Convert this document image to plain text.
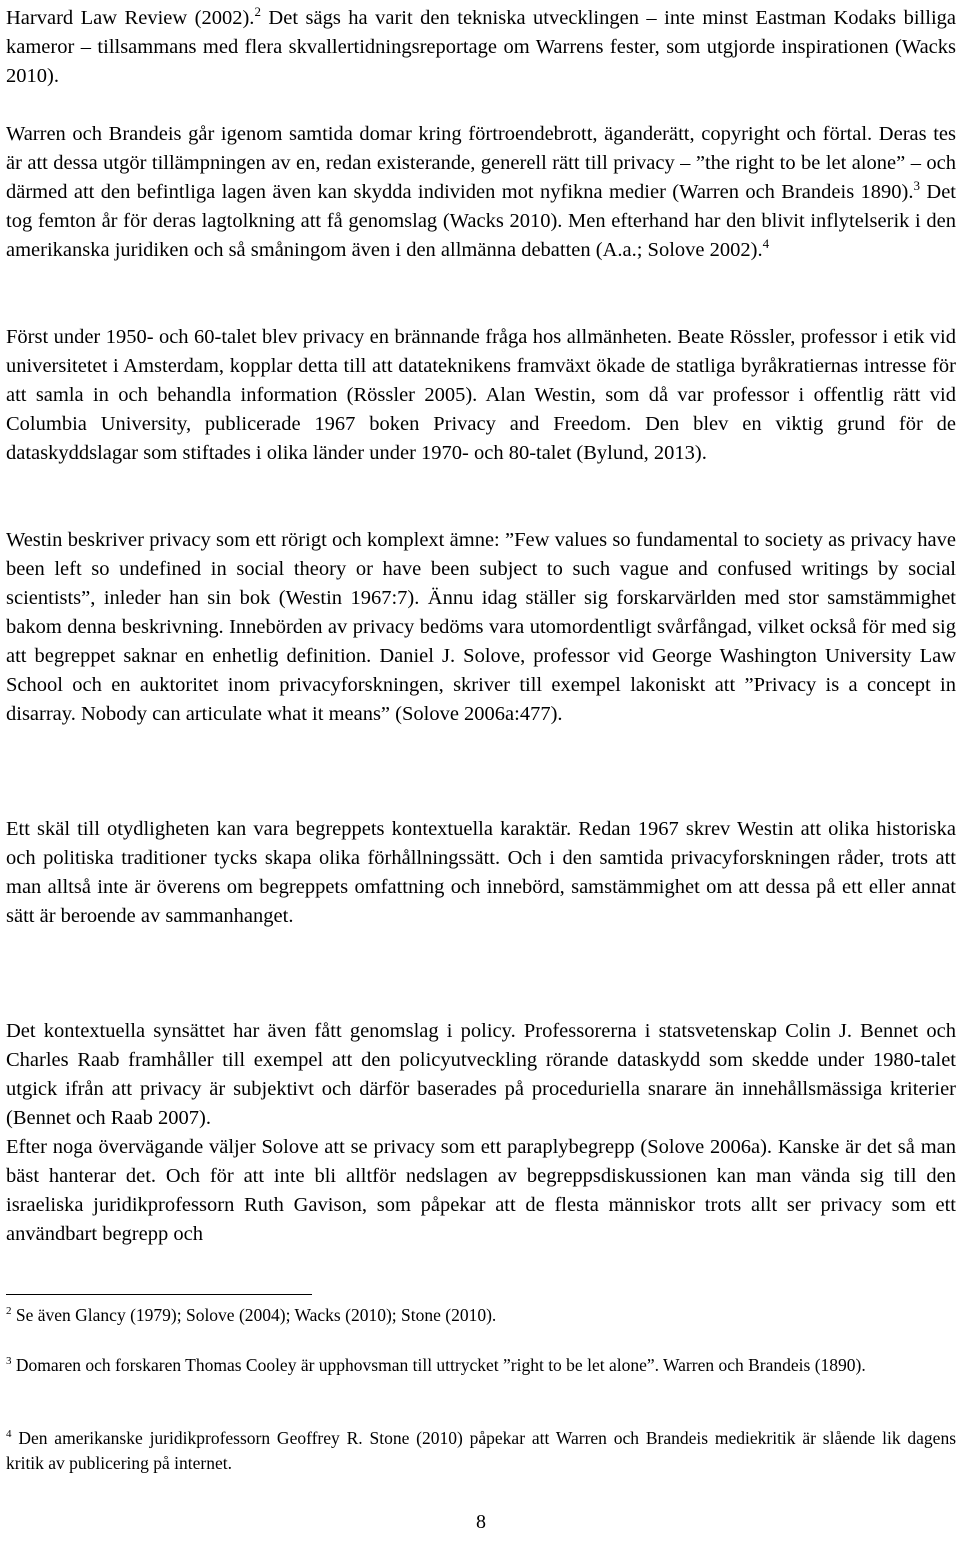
Harvard Law Review (2002).$^2$ Det sägs ha varit den tekniska utvecklingen – inte minst Eastman Kodaks billiga kameror – tillsammans med flera skvallertidningsreportage om Warrens fester, som utgjorde inspirationen (Wacks 2010).

Warren och Brandeis går igenom samtida domar kring förtroendebrott, äganderätt, copyright och förtal. Deras tes är att dessa utgör tillämpningen av en, redan existerande, generell rätt till privacy – ”the right to be let alone” – och därmed att den befintliga lagen även kan skydda individen mot nyfikna medier (Warren och Brandeis 1890).$^3$ Det tog femton år för deras lagtolkning att få genomslag (Wacks 2010). Men efterhand har den blivit inflytelserik i den amerikanska juridiken och så småningom även i den allmänna debatten (A.a.; Solove 2002).$^4$

Först under 1950- och 60-talet blev privacy en brännande fråga hos allmänheten. Beate Rössler, professor i etik vid universitetet i Amsterdam, kopplar detta till att datateknikens framväxt ökade de statliga byråkratiernas intresse för att samla in och behandla information (Rössler 2005). Alan Westin, som då var professor i offentlig rätt vid Columbia University, publicerade 1967 boken Privacy and Freedom. Den blev en viktig grund för de dataskyddslagar som stiftades i olika länder under 1970- och 80-talet (Bylund, 2013).

Westin beskriver privacy som ett rörigt och komplext ämne: ”Few values so fundamental to society as privacy have been left so undefined in social theory or have been subject to such vague and confused writings by social scientists”, inleder han sin bok (Westin 1967:7). Ännu idag ställer sig forskarvärlden med stor samstämmighet bakom denna beskrivning. Innebörden av privacy bedöms vara utomordentligt svårfångad, vilket också för med sig att begreppet saknar en enhetlig definition. Daniel J. Solove, professor vid George Washington University Law School och en auktoritet inom privacyforskningen, skriver till exempel lakoniskt att ”Privacy is a concept in disarray. Nobody can articulate what it means” (Solove 2006a:477).

Ett skäl till otydligheten kan vara begreppets kontextuella karaktär. Redan 1967 skrev Westin att olika historiska och politiska traditioner tycks skapa olika förhållningssätt. Och i den samtida privacyforskningen råder, trots att man alltså inte är överens om begreppets omfattning och innebörd, samstämmighet om att dessa på ett eller annat sätt är beroende av sammanhanget.

Det kontextuella synsättet har även fått genomslag i policy. Professorerna i statsvetenskap Colin J. Bennet och Charles Raab framhåller till exempel att den policyutveckling rörande dataskydd som skedde under 1980-talet utgick ifrån att privacy är subjektivt och därför baserades på proceduriella snarare än innehållsmässiga kriterier (Bennet och Raab 2007).

Efter noga övervägande väljer Solove att se privacy som ett paraplybegrepp (Solove 2006a). Kanske är det så man bäst hanterar det. Och för att inte bli alltför nedslagen av begreppsdiskussionen kan man vända sig till den israeliska juridikprofessorn Ruth Gavison, som påpekar att de flesta människor trots allt ser privacy som ett användbart begrepp och

$^2$ Se även Glancy (1979); Solove (2004); Wacks (2010); Stone (2010).

$^3$ Domaren och forskaren Thomas Cooley är upphovsman till uttrycket ”right to be let alone”. Warren och Brandeis (1890).

$^4$ Den amerikanske juridikprofessorn Geoffrey R. Stone (2010) påpekar att Warren och Brandeis mediekritik är slående lik dagens kritik av publicering på internet.

8
